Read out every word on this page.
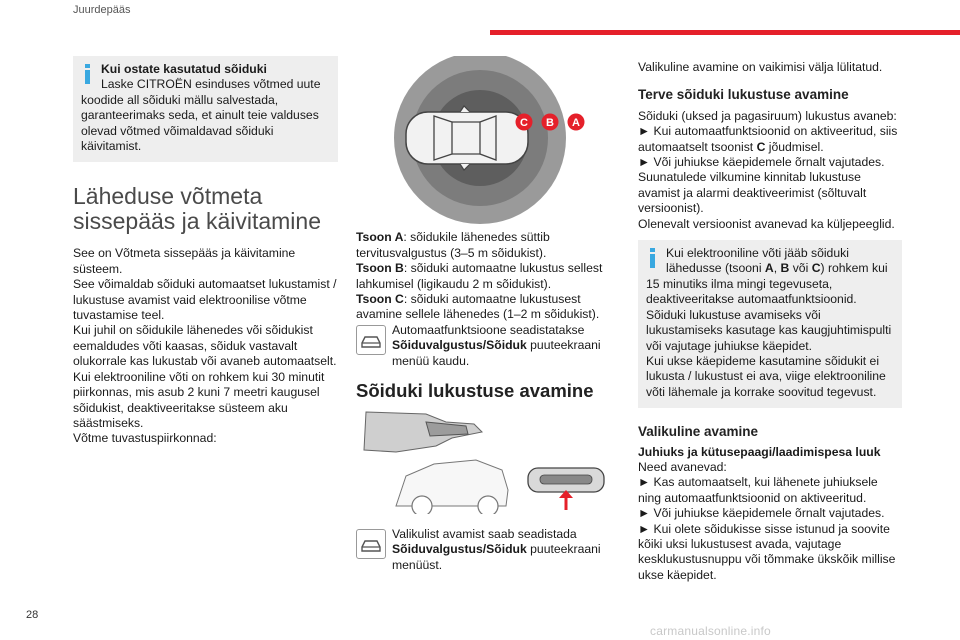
Juurdepääs

Kui ostate kasutatud sõiduki
Laske CITROËN esinduses võtmed uute koodide all sõiduki mällu salvestada, garanteerimaks seda, et ainult teie valduses olevad võtmed võimaldavad sõiduki käivitamist.

Läheduse võtmeta sissepääs ja käivitamine

See on Võtmeta sissepääs ja käivitamine süsteem.

See võimaldab sõiduki automaatset lukustamist / lukustuse avamist vaid elektroonilise võtme tuvastamise teel.

Kui juhil on sõidukile lähenedes või sõidukist eemaldudes võti kaasas, sõiduk vastavalt olukorrale kas lukustab või avaneb automaatselt.

Kui elektrooniline võti on rohkem kui 30 minutit piirkonnas, mis asub 2 kuni 7 meetri kaugusel sõidukist, deaktiveeritakse süsteem aku säästmiseks.

Võtme tuvastuspiirkonnad:

C B A

Tsoon A: sõidukile lähenedes süttib tervitusvalgustus (3–5 m sõidukist).

Tsoon B: sõiduki automaatne lukustus sellest lahkumisel (ligikaudu 2 m sõidukist).

Tsoon C: sõiduki automaatne lukustusest avamine sellele lähenedes (1–2 m sõidukist).

Automaatfunktsioone seadistatakse Sõiduvalgustus/Sõiduk puuteekraani menüü kaudu.

Sõiduki lukustuse avamine

Valikulist avamist saab seadistada Sõiduvalgustus/Sõiduk puuteekraani menüüst.

Valikuline avamine on vaikimisi välja lülitatud.

Terve sõiduki lukustuse avamine

Sõiduki (uksed ja pagasiruum) lukustus avaneb:

► Kui automaatfunktsioonid on aktiveeritud, siis automaatselt tsoonist C jõudmisel.

► Või juhiukse käepidemele õrnalt vajutades.

Suunatulede vilkumine kinnitab lukustuse avamist ja alarmi deaktiveerimist (sõltuvalt versioonist).

Olenevalt versioonist avanevad ka küljepeeglid.

Kui elektrooniline võti jääb sõiduki lähedusse (tsooni A, B või C) rohkem kui 15 minutiks ilma mingi tegevuseta, deaktiveeritakse automaatfunktsioonid.

Sõiduki lukustuse avamiseks või lukustamiseks kasutage kas kaugjuhtimispulti või vajutage juhiukse käepidet.

Kui ukse käepideme kasutamine sõidukit ei lukusta / lukustust ei ava, viige elektrooniline võti lähemale ja korrake soovitud tegevust.

Valikuline avamine

Juhiuks ja kütusepaagi/laadimispesa luuk

Need avanevad:

► Kas automaatselt, kui lähenete juhiuksele ning automaatfunktsioonid on aktiveeritud.

► Või juhiukse käepidemele õrnalt vajutades.

► Kui olete sõidukisse sisse istunud ja soovite kõiki uksi lukustusest avada, vajutage kesklukustusnuppu või tõmmake ükskõik millise ukse käepidet.

28
carmanualsonline.info
